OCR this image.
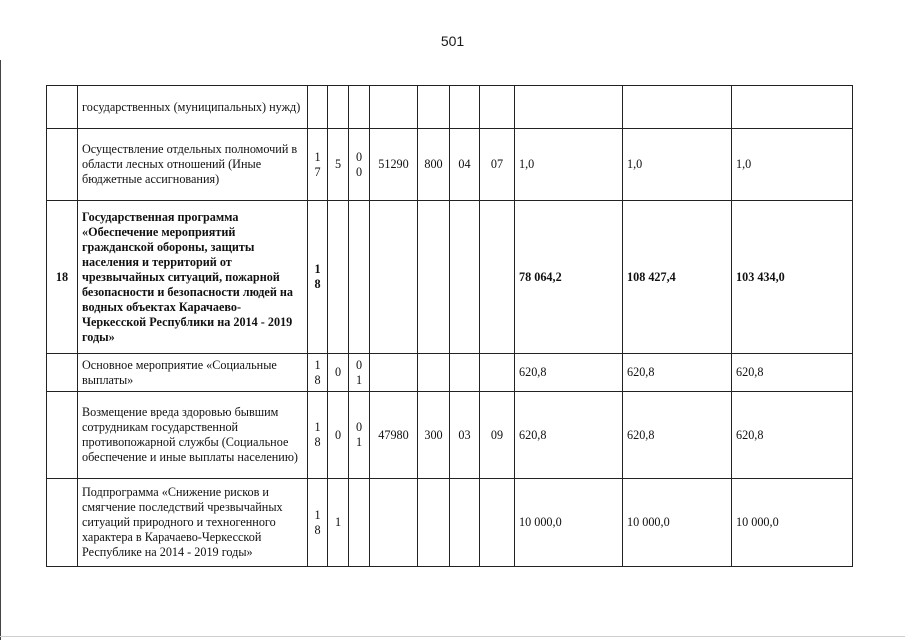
501
	государственных (муниципальных) нужд)										
	Осуществление отдельных полномочий в области лесных отношений (Иные бюджетные ассигнования)	17	5	00	51290	800	04	07	1,0	1,0	1,0
18	Государственная программа «Обеспечение мероприятий гражданской обороны, защиты населения и территорий от чрезвычайных ситуаций, пожарной безопасности и безопасности людей на водных объектах Карачаево-Черкесской Республики на 2014 - 2019 годы»	18							78 064,2	108 427,4	103 434,0
	Основное мероприятие «Социальные выплаты»	18	0	01					620,8	620,8	620,8
	Возмещение вреда здоровью бывшим сотрудникам государственной противопожарной службы (Социальное обеспечение и иные выплаты населению)	18	0	01	47980	300	03	09	620,8	620,8	620,8
	Подпрограмма «Снижение рисков и смягчение последствий чрезвычайных ситуаций природного и техногенного характера в Карачаево-Черкесской Республике на 2014 - 2019 годы»	18	1						10 000,0	10 000,0	10 000,0
